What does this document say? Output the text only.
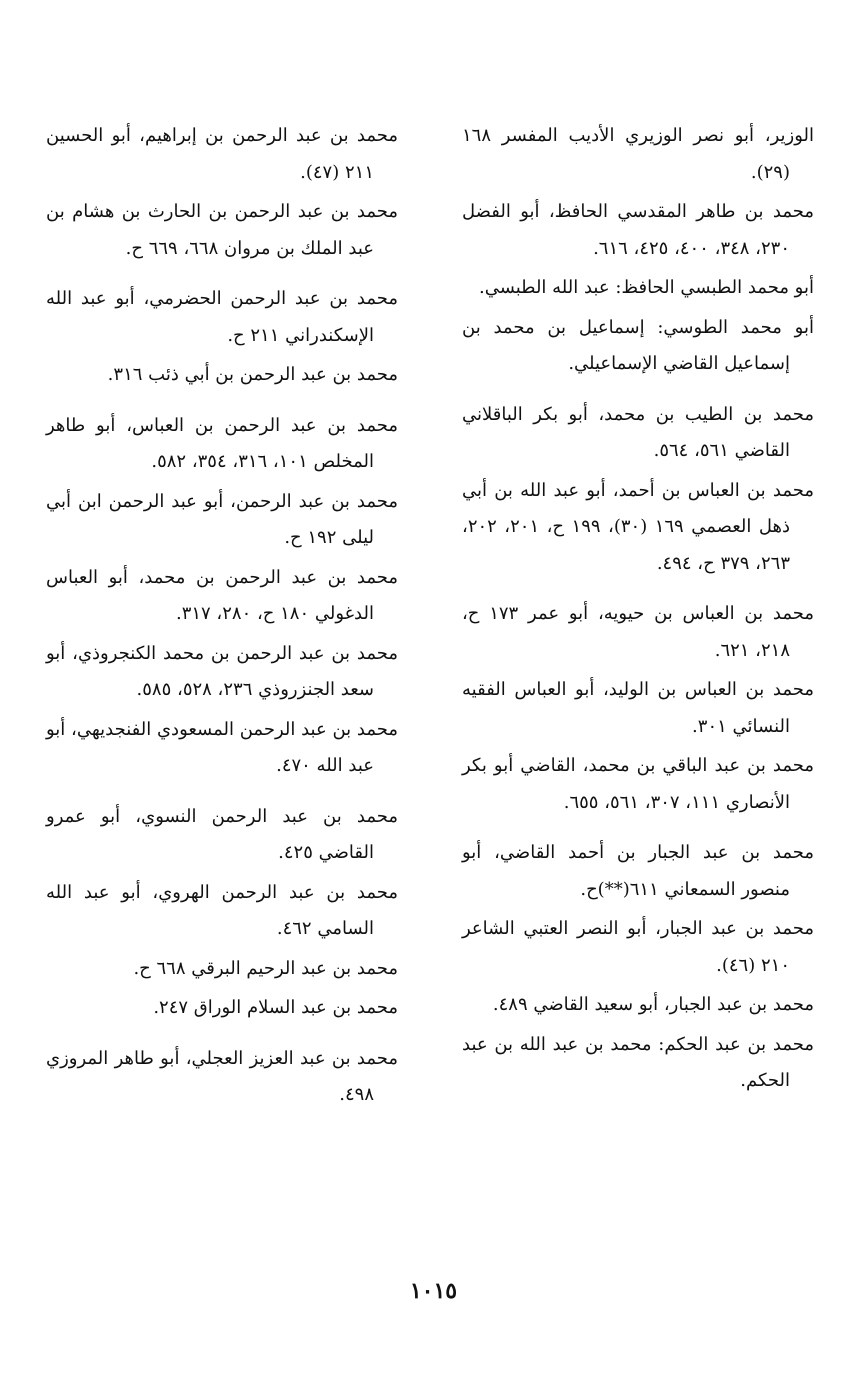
الوزير، أبو نصر الوزيري الأديب المفسر ١٦٨ (٢٩).

محمد بن طاهر المقدسي الحافظ، أبو الفضل ٢٣٠، ٣٤٨، ٤٠٠، ٤٢٥، ٦١٦.

أبو محمد الطبسي الحافظ: عبد الله الطبسي.

أبو محمد الطوسي: إسماعيل بن محمد بن إسماعيل القاضي الإسماعيلي.

محمد بن الطيب بن محمد، أبو بكر الباقلاني القاضي ٥٦١، ٥٦٤.

محمد بن العباس بن أحمد، أبو عبد الله بن أبي ذهل العصمي ١٦٩ (٣٠)، ١٩٩ ح، ٢٠١، ٢٠٢، ٢٦٣، ٣٧٩ ح، ٤٩٤.

محمد بن العباس بن حيويه، أبو عمر ١٧٣ ح، ٢١٨، ٦٢١.

محمد بن العباس بن الوليد، أبو العباس الفقيه النسائي ٣٠١.

محمد بن عبد الباقي بن محمد، القاضي أبو بكر الأنصاري ١١١، ٣٠٧، ٥٦١، ٦٥٥.

محمد بن عبد الجبار بن أحمد القاضي، أبو منصور السمعاني ٦١١(**)ح.

محمد بن عبد الجبار، أبو النصر العتبي الشاعر ٢١٠ (٤٦).

محمد بن عبد الجبار، أبو سعيد القاضي ٤٨٩.

محمد بن عبد الحكم: محمد بن عبد الله بن عبد الحكم.

محمد بن عبد الرحمن بن إبراهيم، أبو الحسين ٢١١ (٤٧).

محمد بن عبد الرحمن بن الحارث بن هشام بن عبد الملك بن مروان ٦٦٨، ٦٦٩ ح.

محمد بن عبد الرحمن الحضرمي، أبو عبد الله الإسكندراني ٢١١ ح.

محمد بن عبد الرحمن بن أبي ذئب ٣١٦.

محمد بن عبد الرحمن بن العباس، أبو طاهر المخلص ١٠١، ٣١٦، ٣٥٤، ٥٨٢.

محمد بن عبد الرحمن، أبو عبد الرحمن ابن أبي ليلى ١٩٢ ح.

محمد بن عبد الرحمن بن محمد، أبو العباس الدغولي ١٨٠ ح، ٢٨٠، ٣١٧.

محمد بن عبد الرحمن بن محمد الكنجروذي، أبو سعد الجنزروذي ٢٣٦، ٥٢٨، ٥٨٥.

محمد بن عبد الرحمن المسعودي الفنجديهي، أبو عبد الله ٤٧٠.

محمد بن عبد الرحمن النسوي، أبو عمرو القاضي ٤٢٥.

محمد بن عبد الرحمن الهروي، أبو عبد الله السامي ٤٦٢.

محمد بن عبد الرحيم البرقي ٦٦٨ ح.

محمد بن عبد السلام الوراق ٢٤٧.

محمد بن عبد العزيز العجلي، أبو طاهر المروزي ٤٩٨.

١٠١٥
